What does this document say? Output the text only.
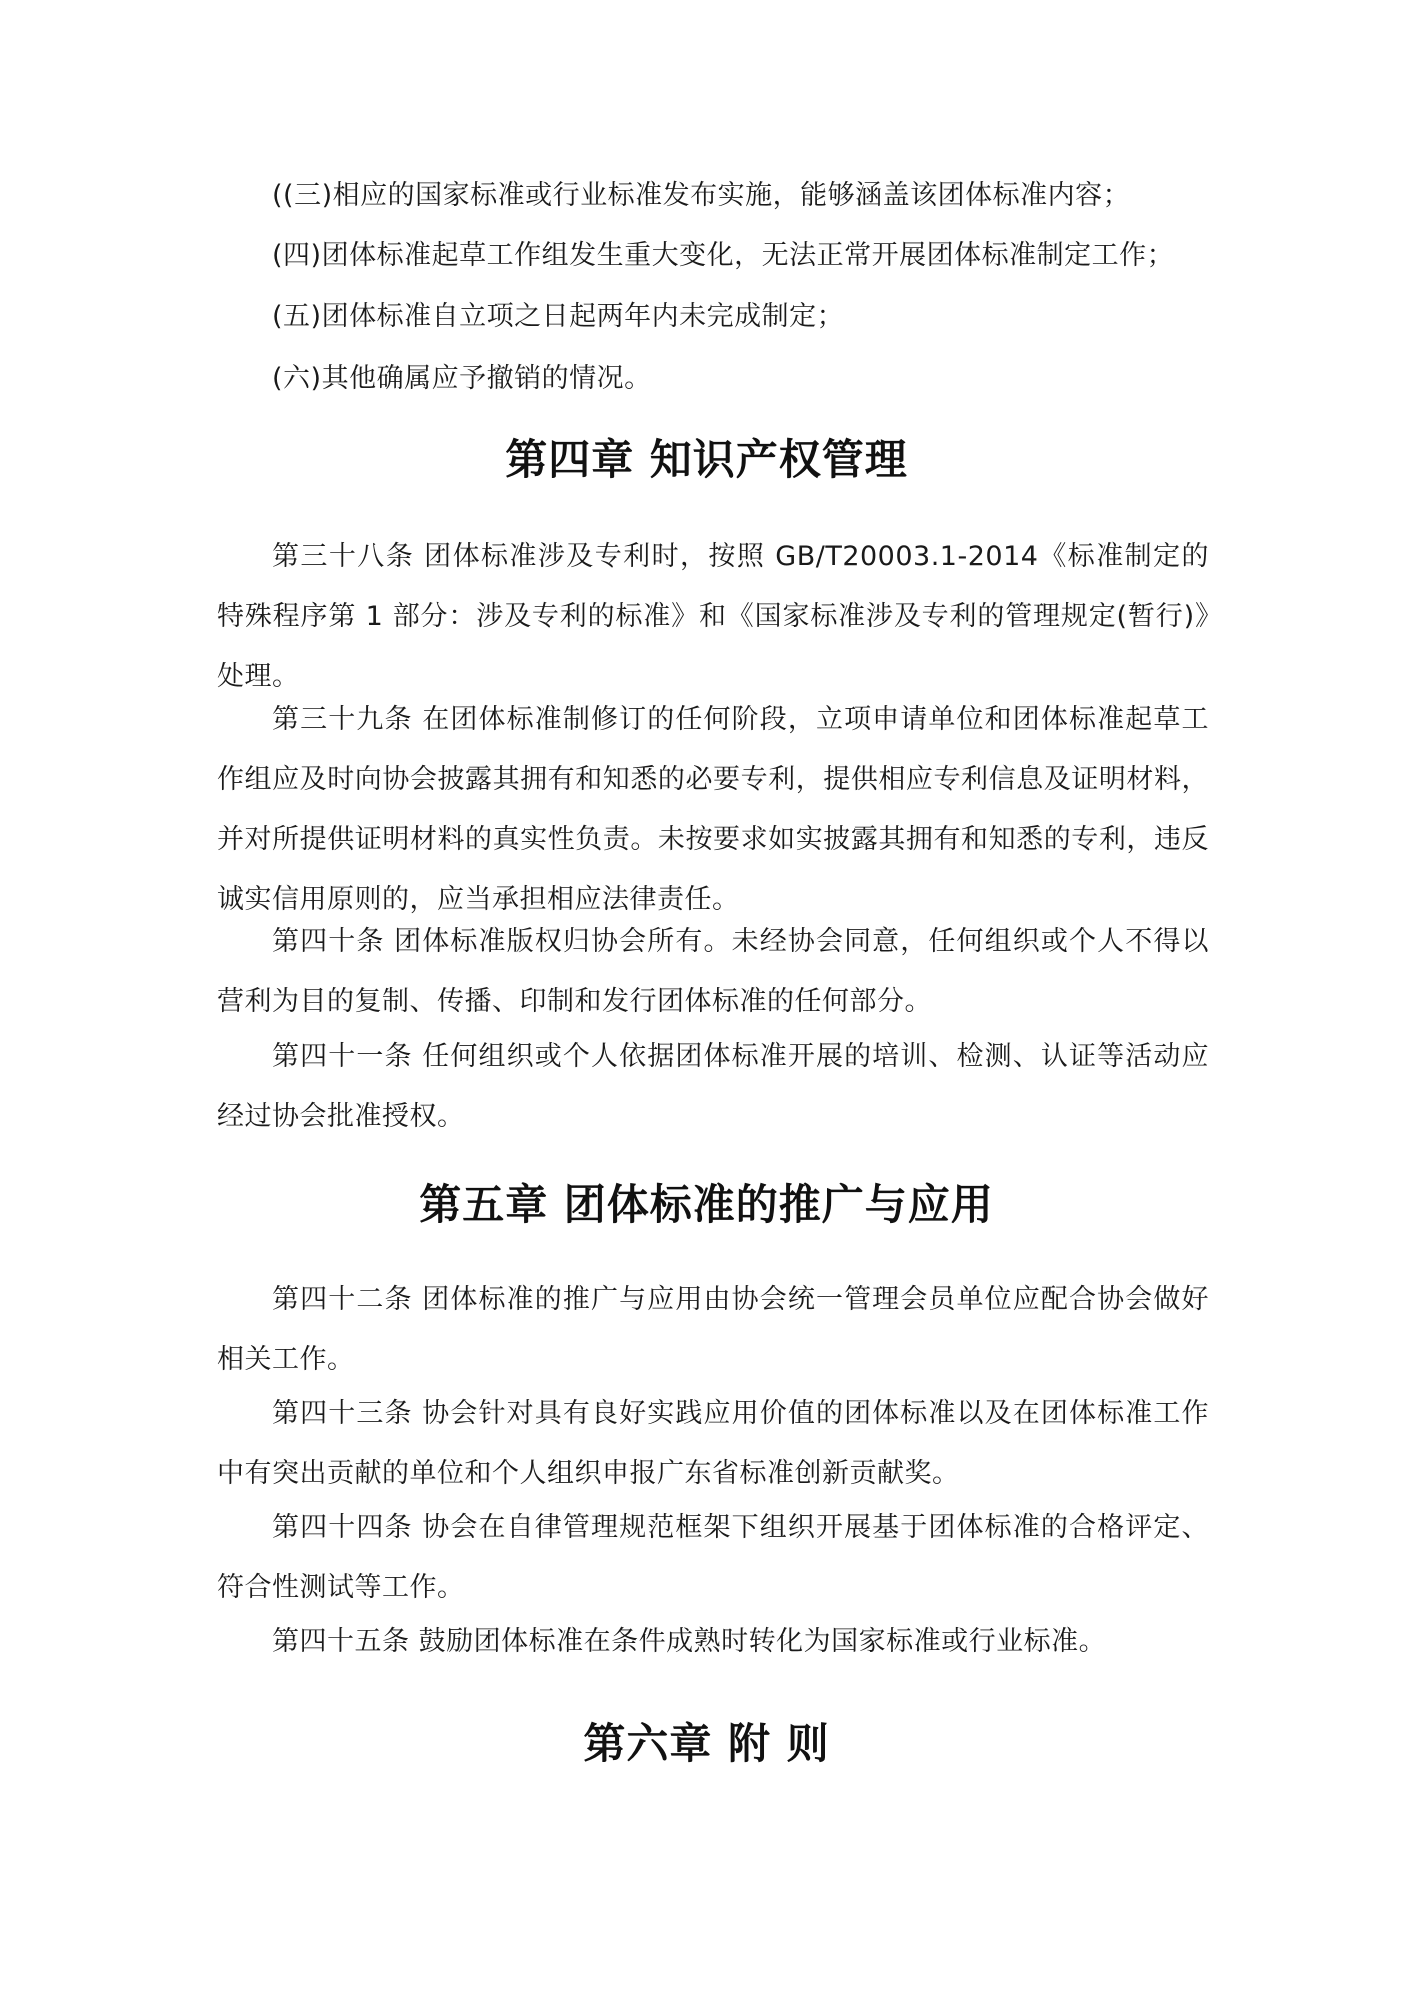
((三)相应的国家标准或行业标准发布实施，能够涵盖该团体标准内容；
(四)团体标准起草工作组发生重大变化，无法正常开展团体标准制定工作；
(五)团体标准自立项之日起两年内未完成制定；
(六)其他确属应予撤销的情况。
第四章 知识产权管理

第三十八条 团体标准涉及专利时，按照 GB/T20003.1-2014《标准制定的特殊程序第 1 部分：涉及专利的标准》和《国家标准涉及专利的管理规定(暂行)》处理。

第三十九条 在团体标准制修订的任何阶段，立项申请单位和团体标准起草工作组应及时向协会披露其拥有和知悉的必要专利，提供相应专利信息及证明材料，并对所提供证明材料的真实性负责。未按要求如实披露其拥有和知悉的专利，违反诚实信用原则的，应当承担相应法律责任。

第四十条 团体标准版权归协会所有。未经协会同意，任何组织或个人不得以营利为目的复制、传播、印制和发行团体标准的任何部分。

第四十一条 任何组织或个人依据团体标准开展的培训、检测、认证等活动应经过协会批准授权。

第五章 团体标准的推广与应用

第四十二条 团体标准的推广与应用由协会统一管理会员单位应配合协会做好相关工作。

第四十三条 协会针对具有良好实践应用价值的团体标准以及在团体标准工作中有突出贡献的单位和个人组织申报广东省标准创新贡献奖。

第四十四条 协会在自律管理规范框架下组织开展基于团体标准的合格评定、符合性测试等工作。

第四十五条 鼓励团体标准在条件成熟时转化为国家标准或行业标准。

第六章 附 则
